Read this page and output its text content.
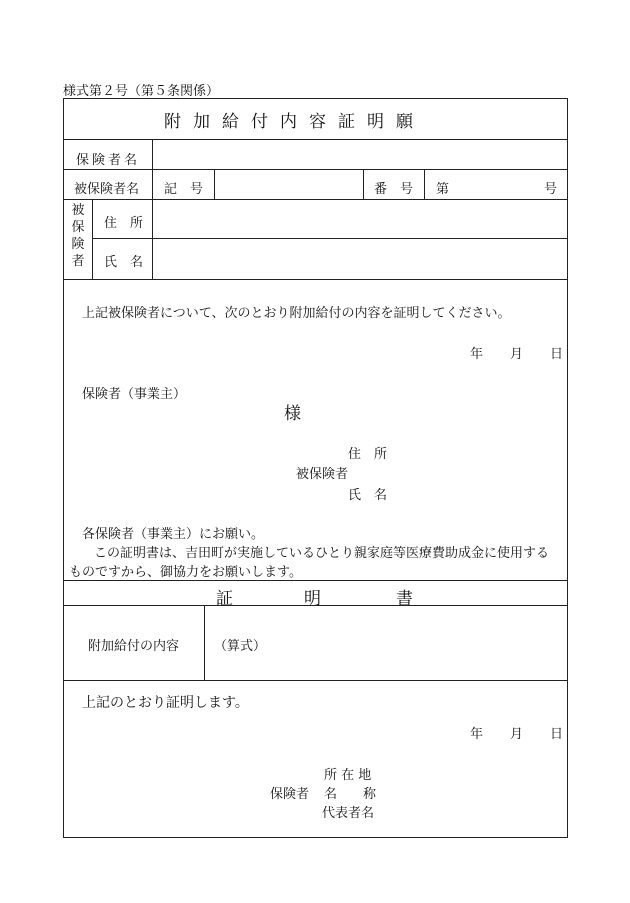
様式第２号（第５条関係）
附加給付内容証明願
保険者名
被保険者名 記　号	番　号 第	号
被保険者
住　所
氏　名
上記被保険者について、次のとおり附加給付の内容を証明してください。
年 月 日
保険者（事業主）
様
住　所
被保険者
氏　名
各保険者（事業主）にお願い。
この証明書は、吉田町が実施しているひとり親家庭等医療費助成金に使用する
ものですから、御協力をお願いします。
証	明	書
附加給付の内容	（算式）
上記のとおり証明します。
年 月 日
所 在 地
保険者 名　　称
代表者名
